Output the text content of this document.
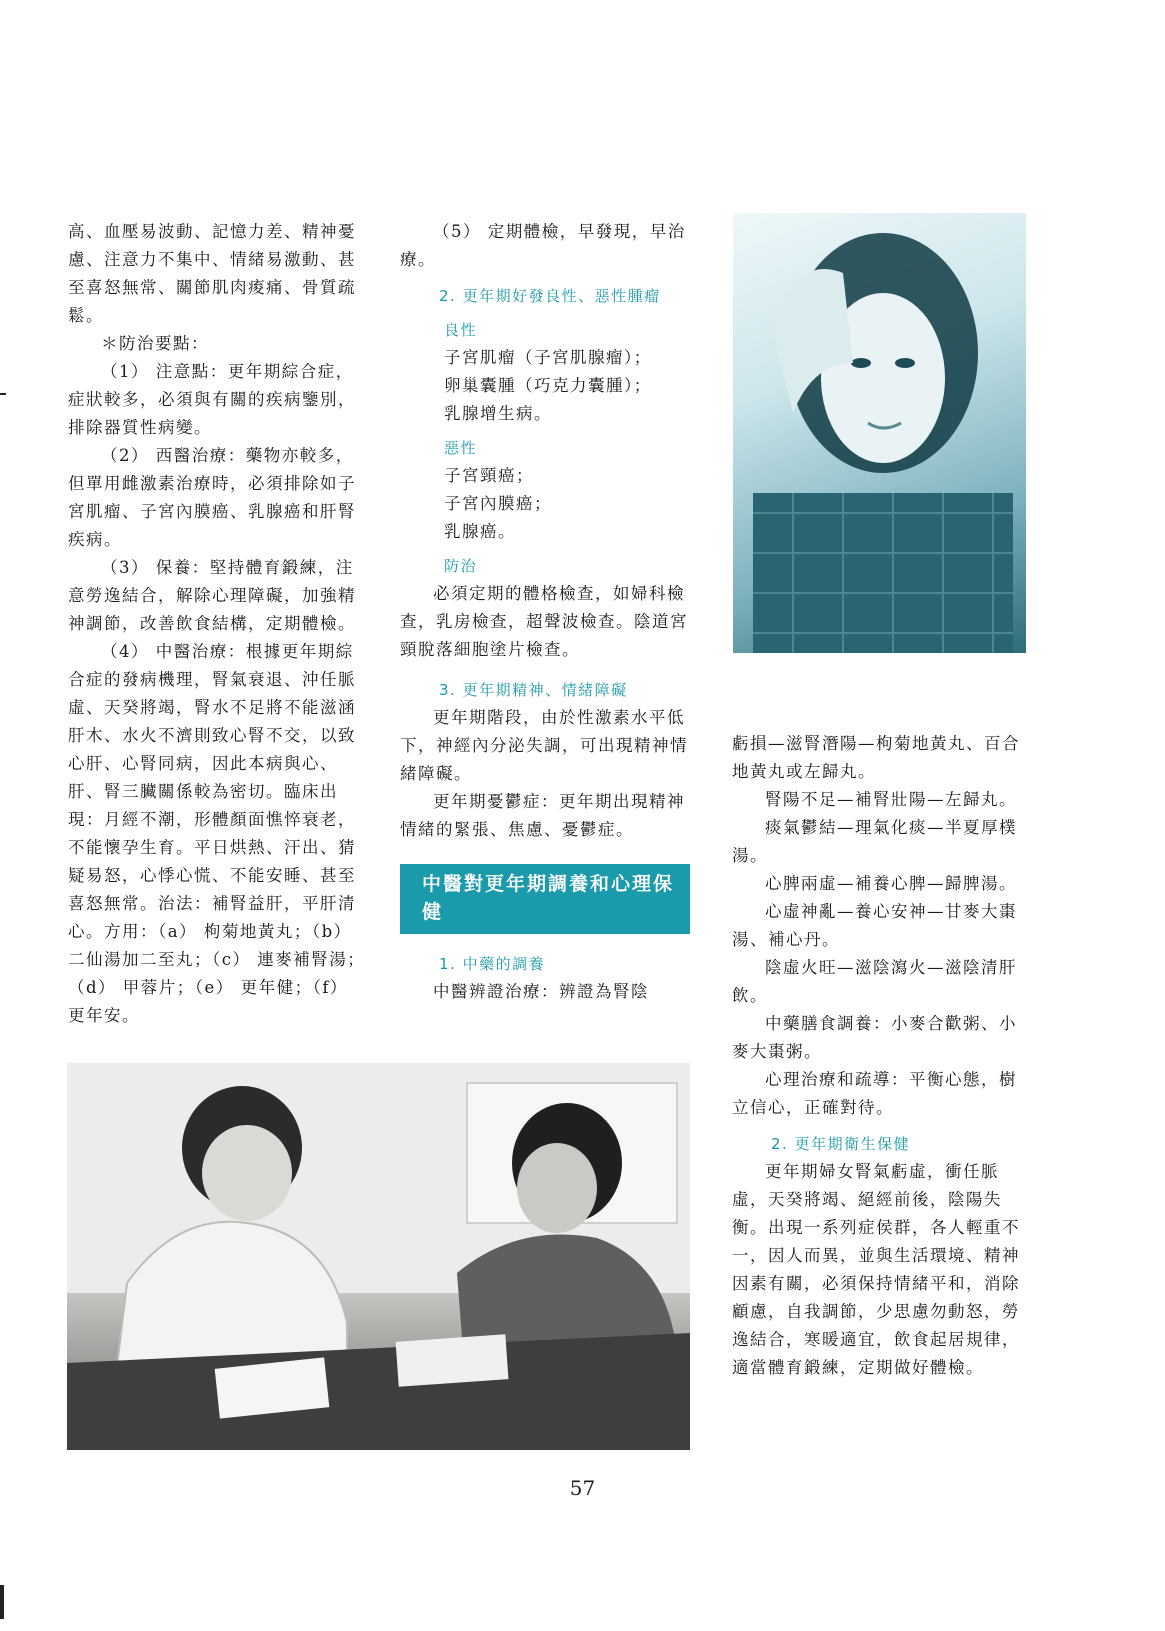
高、血壓易波動、記憶力差、精神憂慮、注意力不集中、情緒易激動、甚至喜怒無常、關節肌肉痠痛、骨質疏鬆。

＊防治要點：

（1） 注意點：更年期綜合症，症狀較多，必須與有關的疾病鑒別，排除器質性病變。

（2） 西醫治療：藥物亦較多，但單用雌激素治療時，必須排除如子宮肌瘤、子宮內膜癌、乳腺癌和肝腎疾病。

（3） 保養：堅持體育鍛練，注意勞逸結合，解除心理障礙，加強精神調節，改善飲食結構，定期體檢。

（4） 中醫治療：根據更年期綜合症的發病機理，腎氣衰退、沖任脈虛、天癸將竭，腎水不足將不能滋涵肝木、水火不濟則致心腎不交，以致心肝、心腎同病，因此本病與心、肝、腎三臟關係較為密切。臨床出現：月經不潮，形體顏面憔悴衰老，不能懷孕生育。平日烘熱、汗出、猜疑易怒，心悸心慌、不能安睡、甚至喜怒無常。治法：補腎益肝，平肝清心。方用：（a） 枸菊地黃丸；（b） 二仙湯加二至丸；（c） 連麥補腎湯；（d） 甲蓉片；（e） 更年健；（f） 更年安。

（5） 定期體檢，早發現，早治療。

2. 更年期好發良性、惡性腫瘤

良性

子宮肌瘤（子宮肌腺瘤）；

卵巢囊腫（巧克力囊腫）；

乳腺增生病。

惡性

子宮頸癌；

子宮內膜癌；

乳腺癌。

防治

必須定期的體格檢查，如婦科檢查，乳房檢查，超聲波檢查。陰道宮頸脫落細胞塗片檢查。

3. 更年期精神、情緒障礙

更年期階段，由於性激素水平低下，神經內分泌失調，可出現精神情緒障礙。

更年期憂鬱症：更年期出現精神情緒的緊張、焦慮、憂鬱症。

中醫對更年期調養和心理保健

1. 中藥的調養

中醫辨證治療：辨證為腎陰

虧損—滋腎潛陽—枸菊地黃丸、百合地黃丸或左歸丸。

腎陽不足—補腎壯陽—左歸丸。

痰氣鬱結—理氣化痰—半夏厚樸湯。

心脾兩虛—補養心脾—歸脾湯。

心虛神亂—養心安神—甘麥大棗湯、補心丹。

陰虛火旺—滋陰瀉火—滋陰清肝飲。

中藥膳食調養：小麥合歡粥、小麥大棗粥。

心理治療和疏導：平衡心態，樹立信心，正確對待。

2. 更年期衛生保健

更年期婦女腎氣虧虛，衝任脈虛，天癸將竭、絕經前後，陰陽失衡。出現一系列症侯群，各人輕重不一，因人而異，並與生活環境、精神因素有關，必須保持情緒平和，消除顧慮，自我調節，少思慮勿動怒，勞逸結合，寒暖適宜，飲食起居規律，適當體育鍛練，定期做好體檢。

57
